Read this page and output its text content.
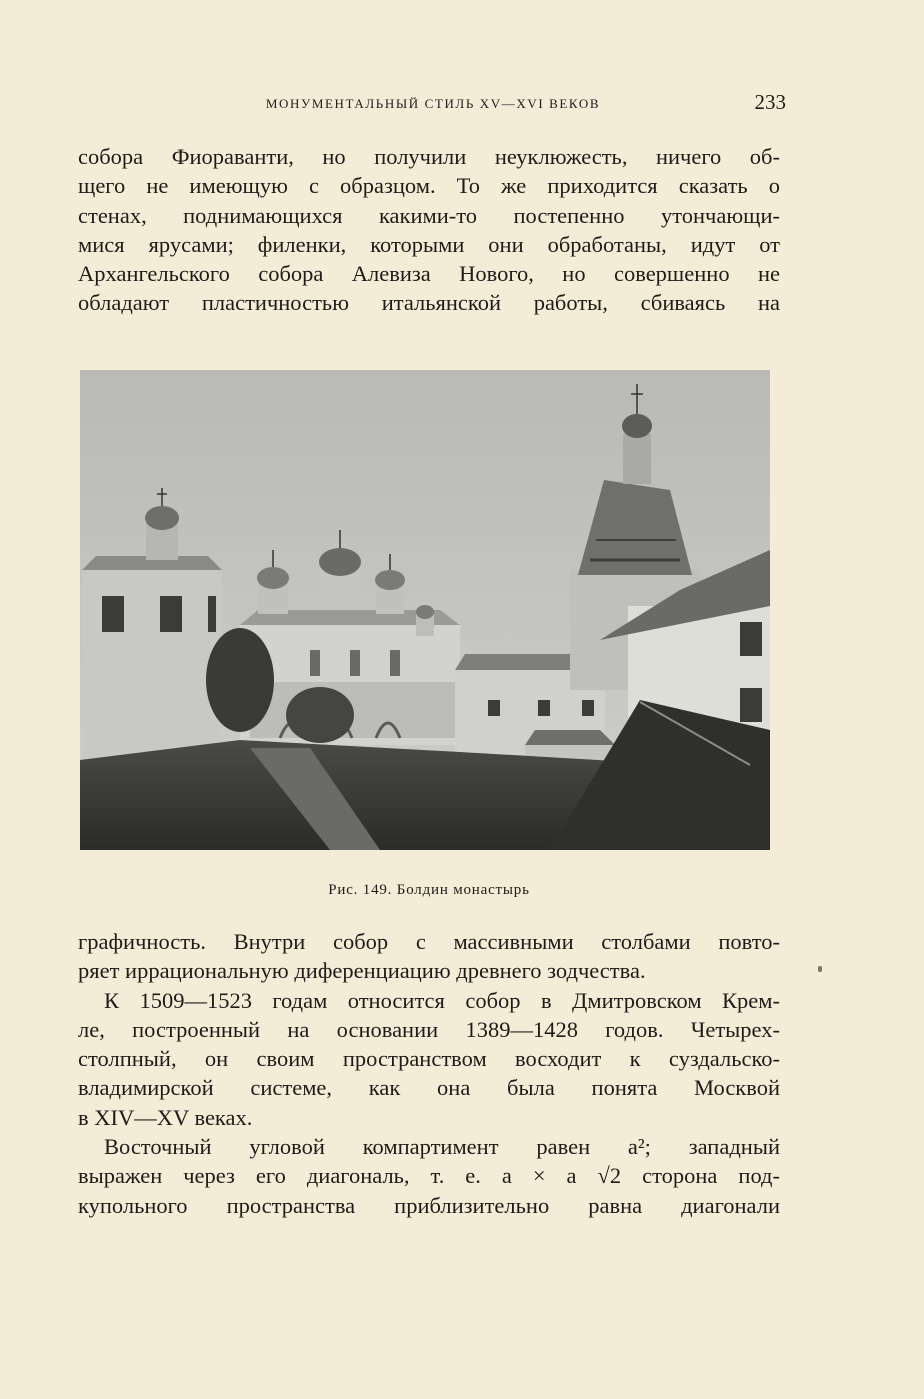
МОНУМЕНТАЛЬНЫЙ СТИЛЬ XV—XVI ВЕКОВ	233
собора Фиораванти, но получили неуклюжесть, ничего об-
щего не имеющую с образцом. То же приходится сказать о
стенах, поднимающихся какими-то постепенно утончающи-
мися ярусами; филенки, которыми они обработаны, идут от
Архангельского собора Алевиза Нового, но совершенно не
обладают пластичностью итальянской работы, сбиваясь на
Рис. 149. Болдин монастырь
графичность. Внутри собор с массивными столбами повто-
ряет иррациональную диференциацию древнего зодчества.
К 1509—1523 годам относится собор в Дмитровском Крем-
ле, построенный на основании 1389—1428 годов. Четырех-
столпный, он своим пространством восходит к суздальско-
владимирской системе, как она была понята Москвой
в XIV—XV веках.
Восточный угловой компартимент равен a²; западный
выражен через его диагональ, т. е. a × a √2 сторона под-
купольного пространства приблизительно равна диагонали
